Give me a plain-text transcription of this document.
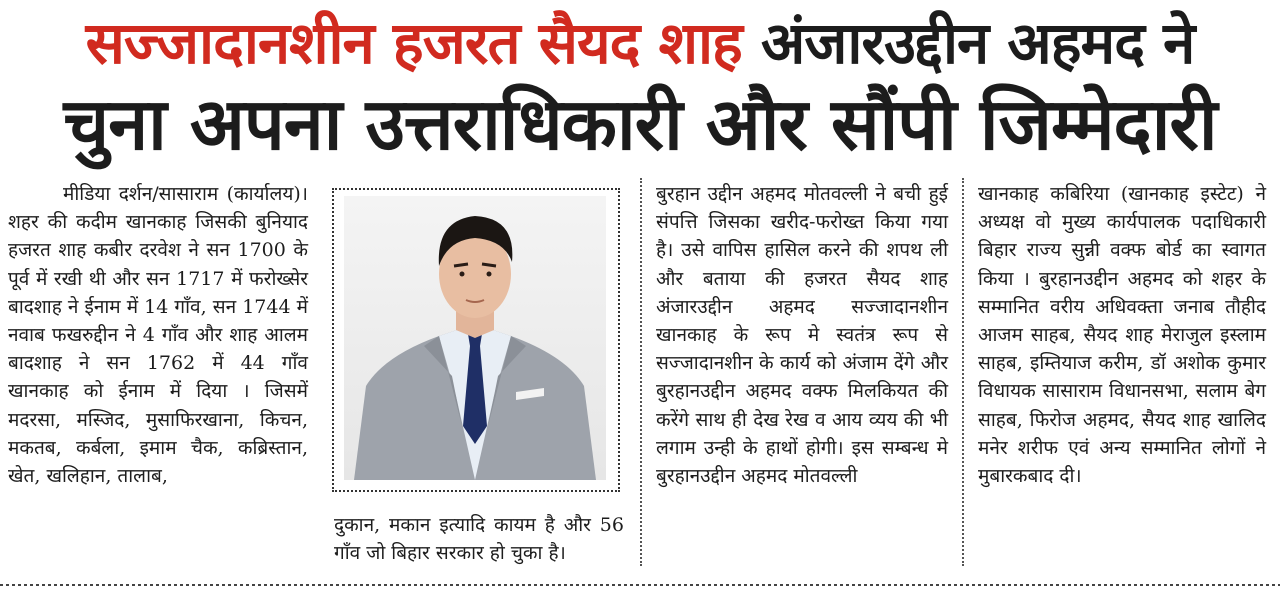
सज्जादानशीन हजरत सैयद शाह अंजारउद्दीन अहमद ने
चुना अपना उत्तराधिकारी और सौंपी जिम्मेदारी

मीडिया दर्शन/सासाराम (कार्यालय)।शहर की कदीम खानकाह जिसकी बुनियाद हजरत शाह कबीर दरवेश ने सन 1700 के पूर्व में रखी थी और सन 1717 में फरोख्सेर बादशाह ने ईनाम में 14 गाँव, सन 1744 में नवाब फखरुद्दीन ने 4 गाँव और शाह आलम बादशाह ने सन 1762 में 44 गाँव खानकाह को ईनाम में दिया । जिसमें मदरसा, मस्जिद, मुसाफिरखाना, किचन, मकतब, कर्बला, इमाम चैक, कब्रिस्तान, खेत, खलिहान, तालाब,

दुकान, मकान इत्यादि कायम है और 56 गाँव जो बिहार सरकार हो चुका है।

बुरहान उद्दीन अहमद मोतवल्ली ने बची हुई संपत्ति जिसका खरीद-फरोख्त किया गया है। उसे वापिस हासिल करने की शपथ ली और बताया की हजरत सैयद शाह अंजारउद्दीन अहमद सज्जादानशीन खानकाह के रूप मे स्वतंत्र रूप से सज्जादानशीन के कार्य को अंजाम देंगे और बुरहानउद्दीन अहमद वक्फ मिलकियत की करेंगे साथ ही देख रेख व आय व्यय की भी लगाम उन्ही के हाथों होगी। इस सम्बन्ध मे बुरहानउद्दीन अहमद मोतवल्ली

खानकाह कबिरिया (खानकाह इस्टेट) ने अध्यक्ष वो मुख्य कार्यपालक पदाधिकारी बिहार राज्य सुन्नी वक्फ बोर्ड का स्वागत किया । बुरहानउद्दीन अहमद को शहर के सम्मानित वरीय अधिवक्ता जनाब तौहीद आजम साहब, सैयद शाह मेराजुल इस्लाम साहब, इम्तियाज करीम, डॉ अशोक कुमार विधायक सासाराम विधानसभा, सलाम बेग साहब, फिरोज अहमद, सैयद शाह खालिद मनेर शरीफ एवं अन्य सम्मानित लोगों ने मुबारकबाद दी।
